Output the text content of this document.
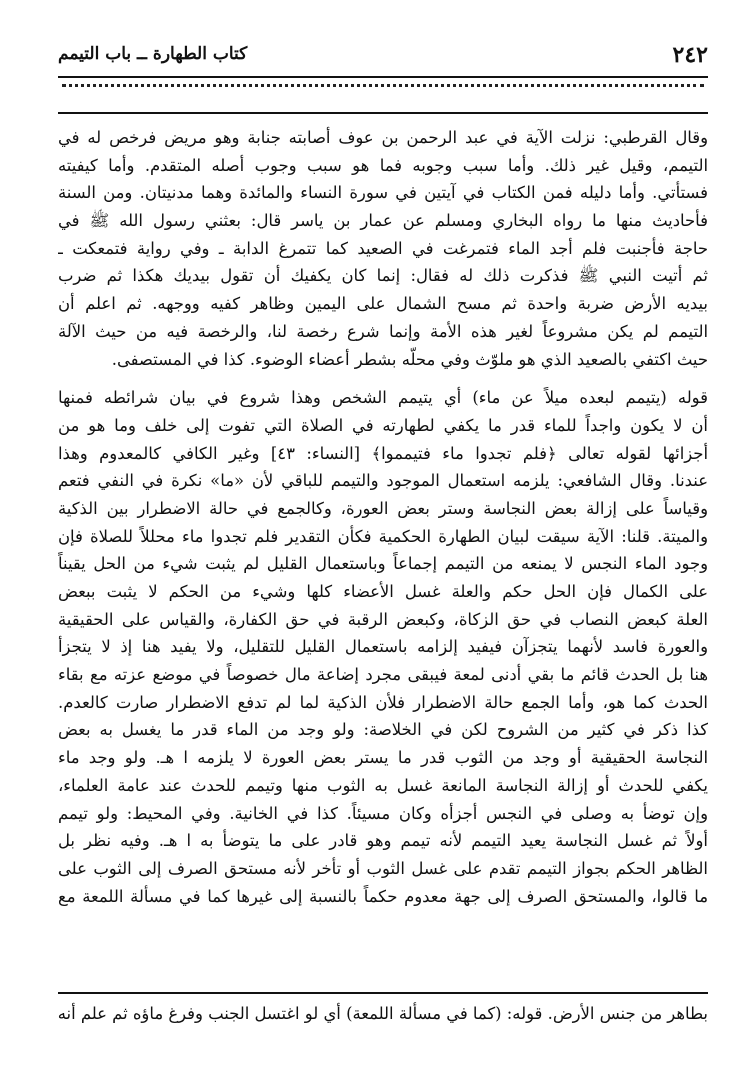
٢٤٢
كتاب الطهارة ــ باب التيمم
وقال القرطبي: نزلت الآية في عبد الرحمن بن عوف أصابته جنابة وهو مريض فرخص له في
التيمم، وقيل غير ذلك. وأما سبب وجوبه فما هو سبب وجوب أصله المتقدم. وأما كيفيته
فستأتي. وأما دليله فمن الكتاب في آيتين في سورة النساء والمائدة وهما مدنيتان. ومن السنة
فأحاديث منها ما رواه البخاري ومسلم عن عمار بن ياسر قال: بعثني رسول الله ﷺ في
حاجة فأجنبت فلم أجد الماء فتمرغت في الصعيد كما تتمرغ الدابة ـ وفي رواية فتمعكت ـ
ثم أتيت النبي ﷺ فذكرت ذلك له فقال: إنما كان يكفيك أن تقول بيديك هكذا ثم ضرب
بيديه الأرض ضربة واحدة ثم مسح الشمال على اليمين وظاهر كفيه ووجهه. ثم اعلم أن
التيمم لم يكن مشروعاً لغير هذه الأمة وإنما شرع رخصة لنا، والرخصة فيه من حيث الآلة
حيث اكتفي بالصعيد الذي هو ملوّث وفي محلّه بشطر أعضاء الوضوء. كذا في المستصفى.
قوله (يتيمم لبعده ميلاً عن ماء) أي يتيمم الشخص وهذا شروع في بيان شرائطه فمنها
أن لا يكون واجداً للماء قدر ما يكفي لطهارته في الصلاة التي تفوت إلى خلف وما هو من
أجزائها لقوله تعالى ﴿فلم تجدوا ماء فتيمموا﴾ [النساء: ٤٣] وغير الكافي كالمعدوم وهذا
عندنا. وقال الشافعي: يلزمه استعمال الموجود والتيمم للباقي لأن «ما» نكرة في النفي فتعم
وقياساً على إزالة بعض النجاسة وستر بعض العورة، وكالجمع في حالة الاضطرار بين الذكية
والميتة. قلنا: الآية سيقت لبيان الطهارة الحكمية فكأن التقدير فلم تجدوا ماء محللاً للصلاة فإن
وجود الماء النجس لا يمنعه من التيمم إجماعاً وباستعمال القليل لم يثبت شيء من الحل يقيناً
على الكمال فإن الحل حكم والعلة غسل الأعضاء كلها وشيء من الحكم لا يثبت ببعض
العلة كبعض النصاب في حق الزكاة، وكبعض الرقبة في حق الكفارة، والقياس على الحقيقية
والعورة فاسد لأنهما يتجزآن فيفيد إلزامه باستعمال القليل للتقليل، ولا يفيد هنا إذ لا يتجزأ
هنا بل الحدث قائم ما بقي أدنى لمعة فيبقى مجرد إضاعة مال خصوصاً في موضع عزته مع بقاء
الحدث كما هو، وأما الجمع حالة الاضطرار فلأن الذكية لما لم تدفع الاضطرار صارت كالعدم.
كذا ذكر في كثير من الشروح لكن في الخلاصة: ولو وجد من الماء قدر ما يغسل به بعض
النجاسة الحقيقية أو وجد من الثوب قدر ما يستر بعض العورة لا يلزمه ا هـ. ولو وجد ماء
يكفي للحدث أو إزالة النجاسة المانعة غسل به الثوب منها وتيمم للحدث عند عامة العلماء،
وإن توضأ به وصلى في النجس أجزأه وكان مسيئاً. كذا في الخانية. وفي المحيط: ولو تيمم
أولاً ثم غسل النجاسة يعيد التيمم لأنه تيمم وهو قادر على ما يتوضأ به ا هـ. وفيه نظر بل
الظاهر الحكم بجواز التيمم تقدم على غسل الثوب أو تأخر لأنه مستحق الصرف إلى الثوب على
ما قالوا، والمستحق الصرف إلى جهة معدوم حكماً بالنسبة إلى غيرها كما في مسألة اللمعة مع
بطاهر من جنس الأرض. قوله: (كما في مسألة اللمعة) أي لو اغتسل الجنب وفرغ ماؤه ثم علم أنه
